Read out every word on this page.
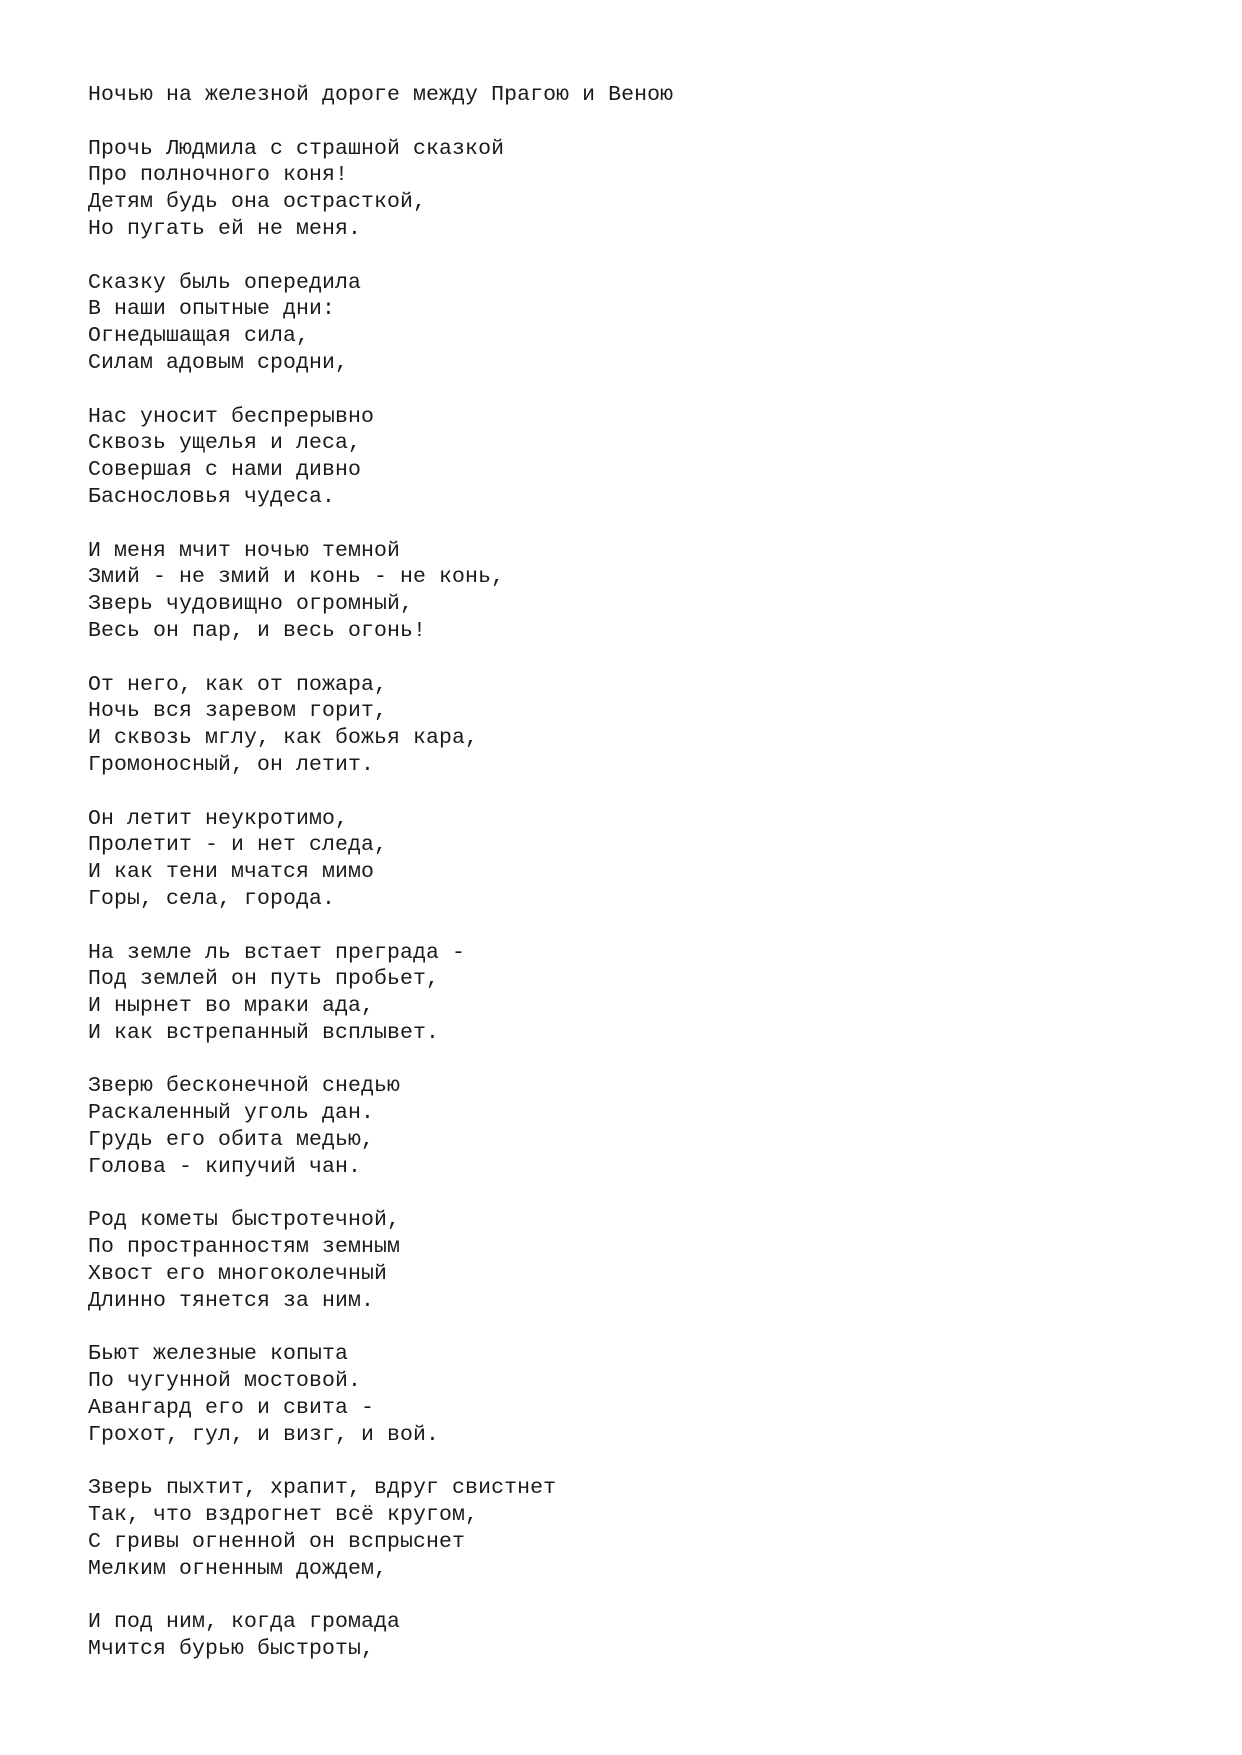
Ночью на железной дороге между Прагою и Веною
Прочь Людмила с страшной сказкой
Про полночного коня!
Детям будь она острасткой,
Но пугать ей не меня.
Сказку быль опередила
В наши опытные дни:
Огнедышащая сила,
Силам адовым сродни,
Нас уносит беспрерывно
Сквозь ущелья и леса,
Совершая с нами дивно
Баснословья чудеса.
И меня мчит ночью темной
Змий - не змий и конь - не конь,
Зверь чудовищно огромный,
Весь он пар, и весь огонь!
От него, как от пожара,
Ночь вся заревом горит,
И сквозь мглу, как божья кара,
Громоносный, он летит.
Он летит неукротимо,
Пролетит - и нет следа,
И как тени мчатся мимо
Горы, села, города.
На земле ль встает преграда -
Под землей он путь пробьет,
И нырнет во мраки ада,
И как встрепанный всплывет.
Зверю бесконечной снедью
Раскаленный уголь дан.
Грудь его обита медью,
Голова - кипучий чан.
Род кометы быстротечной,
По пространностям земным
Хвост его многоколечный
Длинно тянется за ним.
Бьют железные копыта
По чугунной мостовой.
Авангард его и свита -
Грохот, гул, и визг, и вой.
Зверь пыхтит, храпит, вдруг свистнет
Так, что вздрогнет всё кругом,
С гривы огненной он вспрыснет
Мелким огненным дождем,
И под ним, когда громада
Мчится бурью быстроты,
